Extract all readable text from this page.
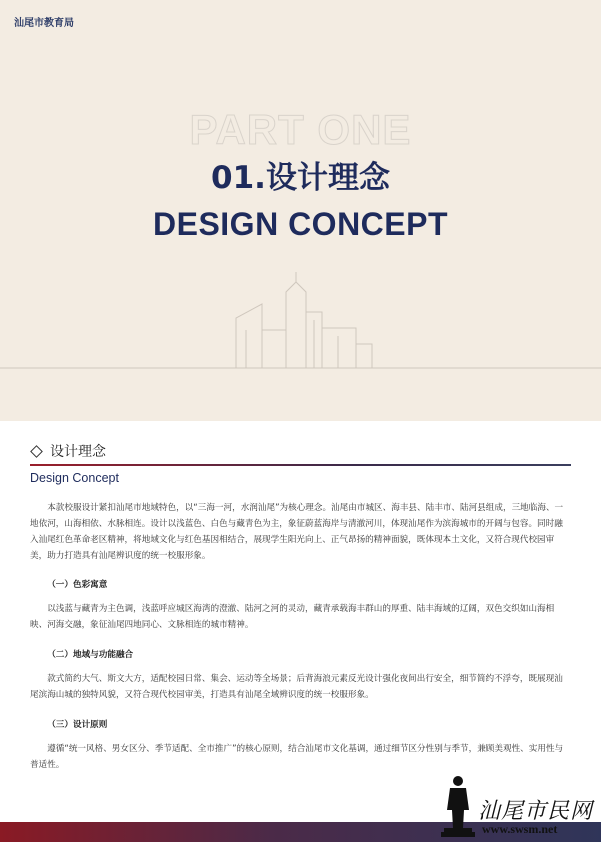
汕尾市教育局
PART ONE
01.设计理念
DESIGN CONCEPT
设计理念
Design Concept

本款校服设计紧扣汕尾市地域特色，以“三海一河，水润汕尾”为核心理念。汕尾由市城区、海丰县、陆丰市、陆河县组成，三地临海、一地依河，山海相依、水脉相连。设计以浅蓝色、白色与藏青色为主，象征蔚蓝海岸与清澈河川，体现汕尾作为滨海城市的开阔与包容。同时融入汕尾红色革命老区精神，将地域文化与红色基因相结合，展现学生阳光向上、正气昂扬的精神面貌，既体现本土文化，又符合现代校园审美，助力打造具有汕尾辨识度的统一校服形象。

（一）色彩寓意

以浅蓝与藏青为主色调，浅蓝呼应城区海湾的澄澈、陆河之河的灵动，藏青承载海丰群山的厚重、陆丰海域的辽阔，双色交织如山海相映、河海交融，象征汕尾四地同心、文脉相连的城市精神。

（二）地域与功能融合

款式简约大气、斯文大方，适配校园日常、集会、运动等全场景；后背海浪元素反光设计强化夜间出行安全，细节简约不浮夸，既展现汕尾滨海山城的独特风貌，又符合现代校园审美，打造具有汕尾全域辨识度的统一校服形象。

（三）设计原则

遵循“统一风格、男女区分、季节适配、全市推广”的核心原则，结合汕尾市文化基调，通过细节区分性别与季节，兼顾美观性、实用性与普适性。

汕尾市民网
www.swsm.net
